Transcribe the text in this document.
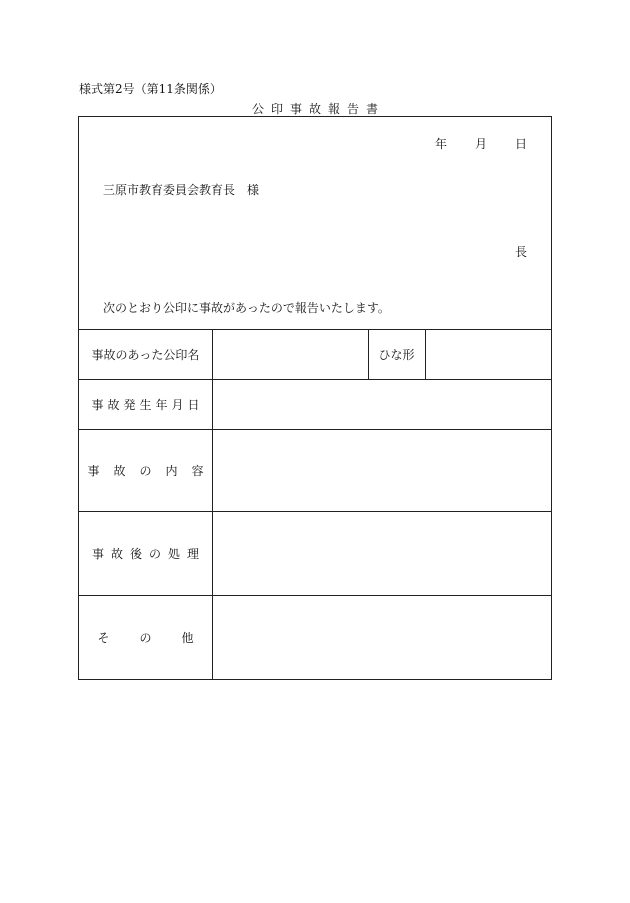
様式第2号（第11条関係）
公印事故報告書
年 月 日
三原市教育委員会教育長　様
長
次のとおり公印に事故があったので報告いたします。
事故のあった公印名	ひな形
事故発生年月日
事故の内容
事故後の処理
その他
